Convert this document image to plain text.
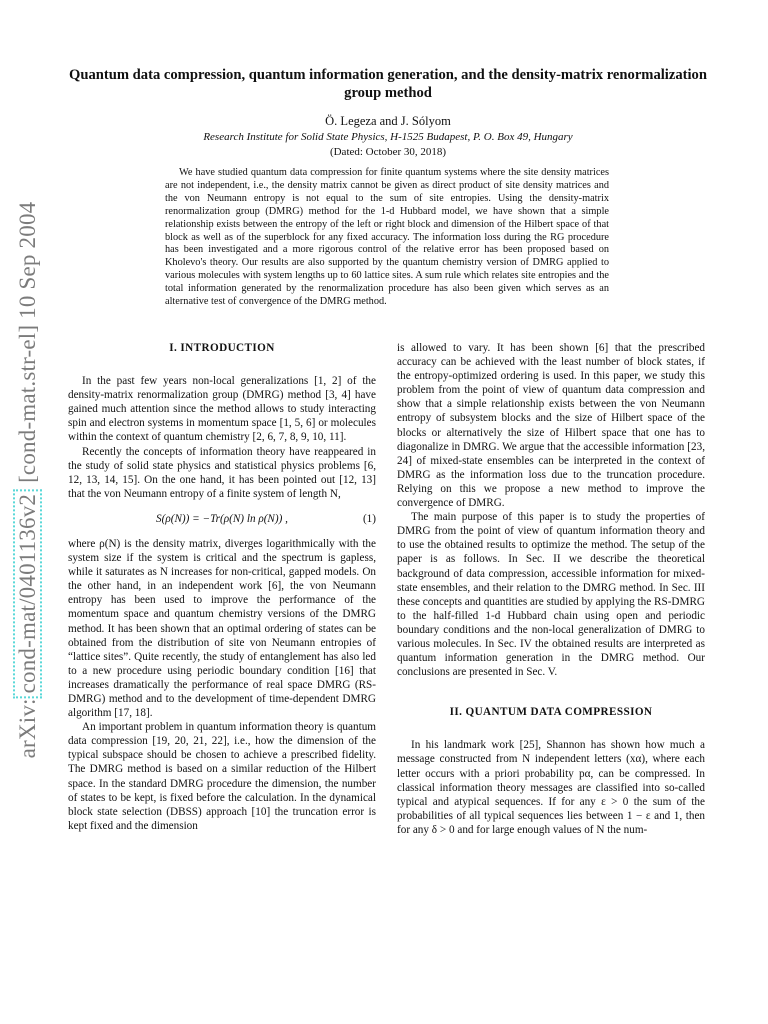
arXiv:cond-mat/0401136v2 [cond-mat.str-el] 10 Sep 2004
Quantum data compression, quantum information generation, and the density-matrix renormalization group method
Ö. Legeza and J. Sólyom
Research Institute for Solid State Physics, H-1525 Budapest, P. O. Box 49, Hungary
(Dated: October 30, 2018)
We have studied quantum data compression for finite quantum systems where the site density matrices are not independent, i.e., the density matrix cannot be given as direct product of site density matrices and the von Neumann entropy is not equal to the sum of site entropies. Using the density-matrix renormalization group (DMRG) method for the 1-d Hubbard model, we have shown that a simple relationship exists between the entropy of the left or right block and dimension of the Hilbert space of that block as well as of the superblock for any fixed accuracy. The information loss during the RG procedure has been investigated and a more rigorous control of the relative error has been proposed based on Kholevo's theory. Our results are also supported by the quantum chemistry version of DMRG applied to various molecules with system lengths up to 60 lattice sites. A sum rule which relates site entropies and the total information generated by the renormalization procedure has also been given which serves as an alternative test of convergence of the DMRG method.
I. INTRODUCTION

In the past few years non-local generalizations [1, 2] of the density-matrix renormalization group (DMRG) method [3, 4] have gained much attention since the method allows to study interacting spin and electron systems in momentum space [1, 5, 6] or molecules within the context of quantum chemistry [2, 6, 7, 8, 9, 10, 11].

Recently the concepts of information theory have reappeared in the study of solid state physics and statistical physics problems [6, 12, 13, 14, 15]. On the one hand, it has been pointed out [12, 13] that the von Neumann entropy of a finite system of length N,

S(ρ(N)) = −Tr(ρ(N) ln ρ(N)) ,	(1)

where ρ(N) is the density matrix, diverges logarithmically with the system size if the system is critical and the spectrum is gapless, while it saturates as N increases for non-critical, gapped models. On the other hand, in an independent work [6], the von Neumann entropy has been used to improve the performance of the momentum space and quantum chemistry versions of the DMRG method. It has been shown that an optimal ordering of states can be obtained from the distribution of site von Neumann entropies of “lattice sites”. Quite recently, the study of entanglement has also led to a new procedure using periodic boundary condition [16] that increases dramatically the performance of real space DMRG (RS-DMRG) method and to the development of time-dependent DMRG algorithm [17, 18].

An important problem in quantum information theory is quantum data compression [19, 20, 21, 22], i.e., how the dimension of the typical subspace should be chosen to achieve a prescribed fidelity. The DMRG method is based on a similar reduction of the Hilbert space. In the standard DMRG procedure the dimension, the number of states to be kept, is fixed before the calculation. In the dynamical block state selection (DBSS) approach [10] the truncation error is kept fixed and the dimension

is allowed to vary. It has been shown [6] that the prescribed accuracy can be achieved with the least number of block states, if the entropy-optimized ordering is used. In this paper, we study this problem from the point of view of quantum data compression and show that a simple relationship exists between the von Neumann entropy of subsystem blocks and the size of Hilbert space of the blocks or alternatively the size of Hilbert space that one has to diagonalize in DMRG. We argue that the accessible information [23, 24] of mixed-state ensembles can be interpreted in the context of DMRG as the information loss due to the truncation procedure. Relying on this we propose a new method to improve the convergence of DMRG.

The main purpose of this paper is to study the properties of DMRG from the point of view of quantum information theory and to use the obtained results to optimize the method. The setup of the paper is as follows. In Sec. II we describe the theoretical background of data compression, accessible information for mixed-state ensembles, and their relation to the DMRG method. In Sec. III these concepts and quantities are studied by applying the RS-DMRG to the half-filled 1-d Hubbard chain using open and periodic boundary conditions and the non-local generalization of DMRG to various molecules. In Sec. IV the obtained results are interpreted as quantum information generation in the DMRG method. Our conclusions are presented in Sec. V.

II. QUANTUM DATA COMPRESSION

In his landmark work [25], Shannon has shown how much a message constructed from N independent letters (xα), where each letter occurs with a priori probability pα, can be compressed. In classical information theory messages are classified into so-called typical and atypical sequences. If for any ε > 0 the sum of the probabilities of all typical sequences lies between 1 − ε and 1, then for any δ > 0 and for large enough values of N the num-
